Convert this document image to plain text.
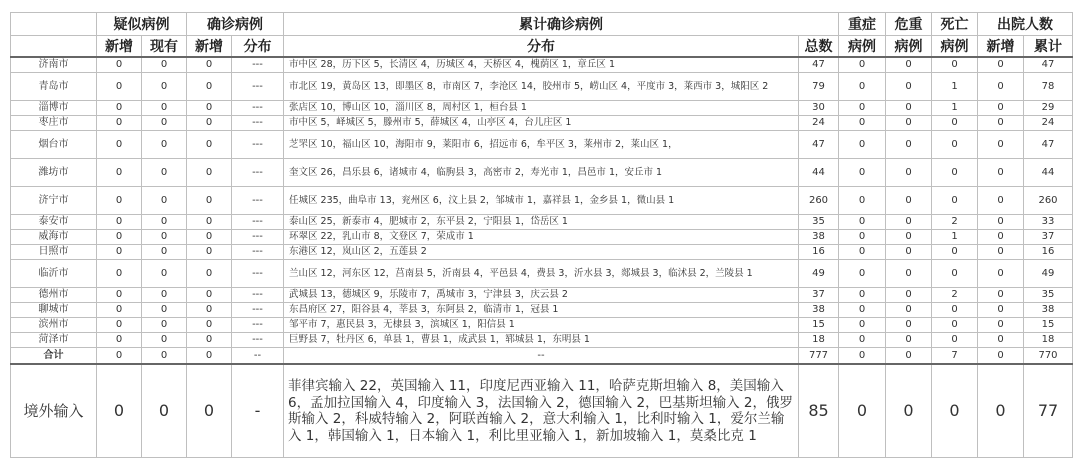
	疑似病例		确诊病例		累计确诊病例		重症	危重	死亡	出院人数	
	新增	现有	新增	分布	分布	总数	病例	病例	病例	新增	累计
济南市	0	0	0	---	市中区 28，历下区 5，长清区 4，历城区 4，天桥区 4，槐荫区 1，章丘区 1	47	0	0	0	0	47
青岛市	0	0	0	---	市北区 19，黄岛区 13，即墨区 8，市南区 7，李沧区 14，胶州市 5，崂山区 4，平度市 3，莱西市 3，城阳区 2	79	0	0	1	0	78
淄博市	0	0	0	---	张店区 10，博山区 10，淄川区 8，周村区 1，桓台县 1	30	0	0	1	0	29
枣庄市	0	0	0	---	市中区 5，峄城区 5，滕州市 5，薛城区 4，山亭区 4，台儿庄区 1	24	0	0	0	0	24
烟台市	0	0	0	---	芝罘区 10，福山区 10，海阳市 9，莱阳市 6，招远市 6，牟平区 3，莱州市 2，莱山区 1，	47	0	0	0	0	47
潍坊市	0	0	0	---	奎文区 26，昌乐县 6，诸城市 4，临朐县 3，高密市 2，寿光市 1，昌邑市 1，安丘市 1	44	0	0	0	0	44
济宁市	0	0	0	---	任城区 235，曲阜市 13，兖州区 6，汶上县 2，邹城市 1，嘉祥县 1，金乡县 1，微山县 1	260	0	0	0	0	260
泰安市	0	0	0	---	泰山区 25，新泰市 4，肥城市 2，东平县 2，宁阳县 1，岱岳区 1	35	0	0	2	0	33
威海市	0	0	0	---	环翠区 22，乳山市 8，文登区 7，荣成市 1	38	0	0	1	0	37
日照市	0	0	0	---	东港区 12，岚山区 2，五莲县 2	16	0	0	0	0	16
临沂市	0	0	0	---	兰山区 12，河东区 12，莒南县 5，沂南县 4，平邑县 4，费县 3，沂水县 3，郯城县 3，临沭县 2，兰陵县 1	49	0	0	0	0	49
德州市	0	0	0	---	武城县 13，德城区 9，乐陵市 7，禹城市 3，宁津县 3，庆云县 2	37	0	0	2	0	35
聊城市	0	0	0	---	东昌府区 27，阳谷县 4，莘县 3，东阿县 2，临清市 1，冠县 1	38	0	0	0	0	38
滨州市	0	0	0	---	邹平市 7，惠民县 3，无棣县 3，滨城区 1，阳信县 1	15	0	0	0	0	15
菏泽市	0	0	0	---	巨野县 7，牡丹区 6，单县 1，曹县 1，成武县 1，郓城县 1，东明县 1	18	0	0	0	0	18
合计	0	0	0	--	--	777	0	0	7	0	770
境外输入	0	0	0	-	菲律宾输入 22，英国输入 11，印度尼西亚输入 11，哈萨克斯坦输入 8，美国输入 6，孟加拉国输入 4，印度输入 3，法国输入 2，德国输入 2，巴基斯坦输入 2，俄罗斯输入 2，科威特输入 2，阿联酋输入 2，意大利输入 1，比利时输入 1，爱尔兰输入 1，韩国输入 1，日本输入 1，利比里亚输入 1，新加坡输入 1，莫桑比克 1	85	0	0	0	0	77
